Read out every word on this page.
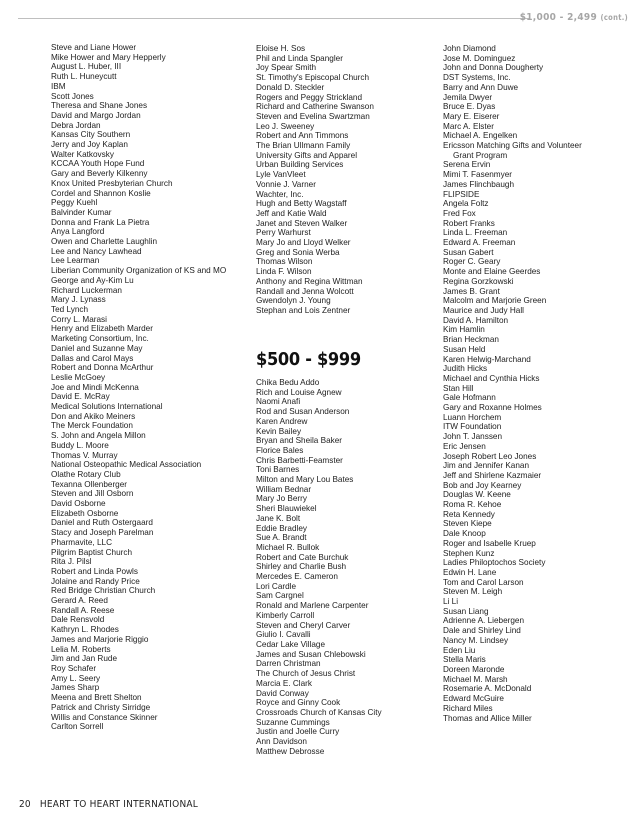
$1,000 - 2,499 (cont.)
Steve and Liane Hower
Mike Hower and Mary Hepperly
August L. Huber, III
Ruth L. Huneycutt
IBM
Scott Jones
Theresa and Shane Jones
David and Margo Jordan
Debra Jordan
Kansas City Southern
Jerry and Joy Kaplan
Walter Katkovsky
KCCAA Youth Hope Fund
Gary and Beverly Kilkenny
Knox United Presbyterian Church
Cordel and Shannon Koslie
Peggy Kuehl
Balvinder Kumar
Donna and Frank La Pietra
Anya Langford
Owen and Charlette Laughlin
Lee and Nancy Lawhead
Lee Learman
Liberian Community Organization of KS and MO
George and Ay-Kim Lu
Richard Luckerman
Mary J. Lynass
Ted Lynch
Corry L. Marasi
Henry and Elizabeth Marder
Marketing Consortium, Inc.
Daniel and Suzanne May
Dallas and Carol Mays
Robert and Donna McArthur
Leslie McGoey
Joe and Mindi McKenna
David E. McRay
Medical Solutions International
Don and Akiko Meiners
The Merck Foundation
S. John and Angela Millon
Buddy L. Moore
Thomas V. Murray
National Osteopathic Medical Association
Olathe Rotary Club
Texanna Ollenberger
Steven and Jill Osborn
David Osborne
Elizabeth Osborne
Daniel and Ruth Ostergaard
Stacy and Joseph Parelman
Pharmavite, LLC
Pilgrim Baptist Church
Rita J. Pilsl
Robert and Linda Powls
Jolaine and Randy Price
Red Bridge Christian Church
Gerard A. Reed
Randall A. Reese
Dale Rensvold
Kathryn L. Rhodes
James and Marjorie Riggio
Lelia M. Roberts
Jim and Jan Rude
Roy Schafer
Amy L. Seery
James Sharp
Meena and Brett Shelton
Patrick and Christy Sirridge
Willis and Constance Skinner
Carlton Sorrell
Eloise H. Sos
Phil and Linda Spangler
Joy Spear Smith
St. Timothy's Episcopal Church
Donald D. Steckler
Rogers and Peggy Strickland
Richard and Catherine Swanson
Steven and Evelina Swartzman
Leo J. Sweeney
Robert and Ann Timmons
The Brian Ullmann Family
University Gifts and Apparel
Urban Building Services
Lyle VanVleet
Vonnie J. Varner
Wachter, Inc.
Hugh and Betty Wagstaff
Jeff and Katie Wald
Janet and Steven Walker
Perry Warhurst
Mary Jo and Lloyd Welker
Greg and Sonia Werba
Thomas Wilson
Linda F. Wilson
Anthony and Regina Wittman
Randall and Jenna Wolcott
Gwendolyn J. Young
Stephan and Lois Zentner
$500 - $999
Chika Bedu Addo
Rich and Louise Agnew
Naomi Anafi
Rod and Susan Anderson
Karen Andrew
Kevin Bailey
Bryan and Sheila Baker
Florice Bales
Chris Barbetti-Feamster
Toni Barnes
Milton and Mary Lou Bates
William Bednar
Mary Jo Berry
Sheri Blauwiekel
Jane K. Bolt
Eddie Bradley
Sue A. Brandt
Michael R. Bullok
Robert and Cate Burchuk
Shirley and Charlie Bush
Mercedes E. Cameron
Lori Cardle
Sam Cargnel
Ronald and Marlene Carpenter
Kimberly Carroll
Steven and Cheryl Carver
Giulio I. Cavalli
Cedar Lake Village
James and Susan Chlebowski
Darren Christman
The Church of Jesus Christ
Marcia E. Clark
David Conway
Royce and Ginny Cook
Crossroads Church of Kansas City
Suzanne Cummings
Justin and Joelle Curry
Ann Davidson
Matthew Debrosse
John Diamond
Jose M. Dominguez
John and Donna Dougherty
DST Systems, Inc.
Barry and Ann Duwe
Jemila Dwyer
Bruce E. Dyas
Mary E. Eiserer
Marc A. Elster
Michael A. Engelken
Ericsson Matching Gifts and Volunteer
Grant Program
Serena Ervin
Mimi T. Fasenmyer
James Flinchbaugh
FLIPSIDE
Angela Foltz
Fred Fox
Robert Franks
Linda L. Freeman
Edward A. Freeman
Susan Gabert
Roger C. Geary
Monte and Elaine Geerdes
Regina Gorzkowski
James B. Grant
Malcolm and Marjorie Green
Maurice and Judy Hall
David A. Hamilton
Kim Hamlin
Brian Heckman
Susan Held
Karen Helwig-Marchand
Judith Hicks
Michael and Cynthia Hicks
Stan Hill
Gale Hofmann
Gary and Roxanne Holmes
Luann Horchem
ITW Foundation
John T. Janssen
Eric Jensen
Joseph Robert Leo Jones
Jim and Jennifer Kanan
Jeff and Shirlene Kazmaier
Bob and Joy Kearney
Douglas W. Keene
Roma R. Kehoe
Reta Kennedy
Steven Kiepe
Dale Knoop
Roger and Isabelle Kruep
Stephen Kunz
Ladies Philoptochos Society
Edwin H. Lane
Tom and Carol Larson
Steven M. Leigh
Li Li
Susan Liang
Adrienne A. Liebergen
Dale and Shirley Lind
Nancy M. Lindsey
Eden Liu
Stella Maris
Doreen Maronde
Michael M. Marsh
Rosemarie A. McDonald
Edward McGuire
Richard Miles
Thomas and Allice Miller
20 HEART TO HEART INTERNATIONAL
